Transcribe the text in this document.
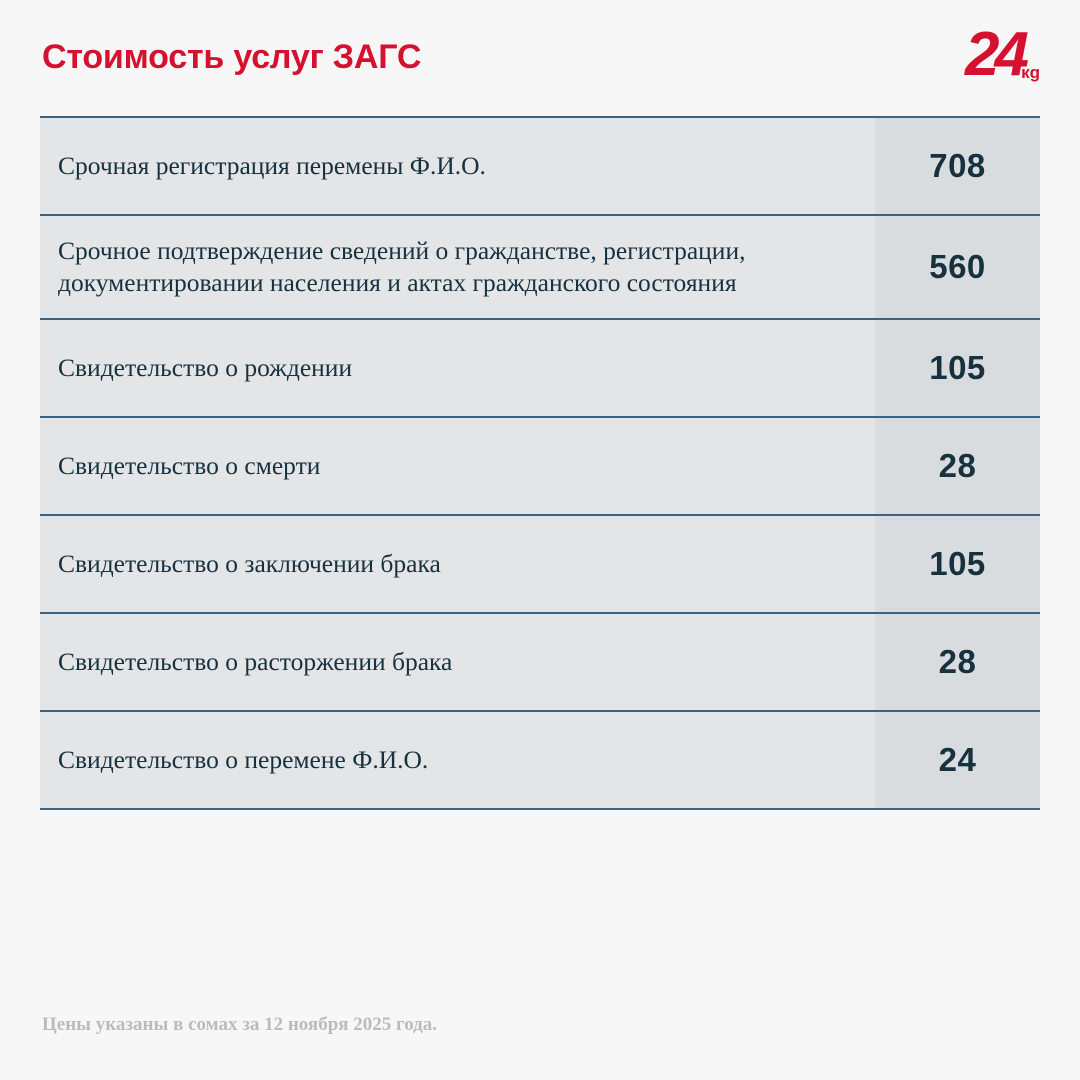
Стоимость услуг ЗАГС	24
кg
Срочная регистрация перемены Ф.И.О.	708
Срочное подтверждение сведений о гражданстве, регистрации, документировании населения и актах гражданского состояния	560
Свидетельство о рождении	105
Свидетельство о смерти	28
Свидетельство о заключении брака	105
Свидетельство о расторжении брака	28
Свидетельство о перемене Ф.И.О.	24
Цены указаны в сомах за 12 ноября 2025 года.
